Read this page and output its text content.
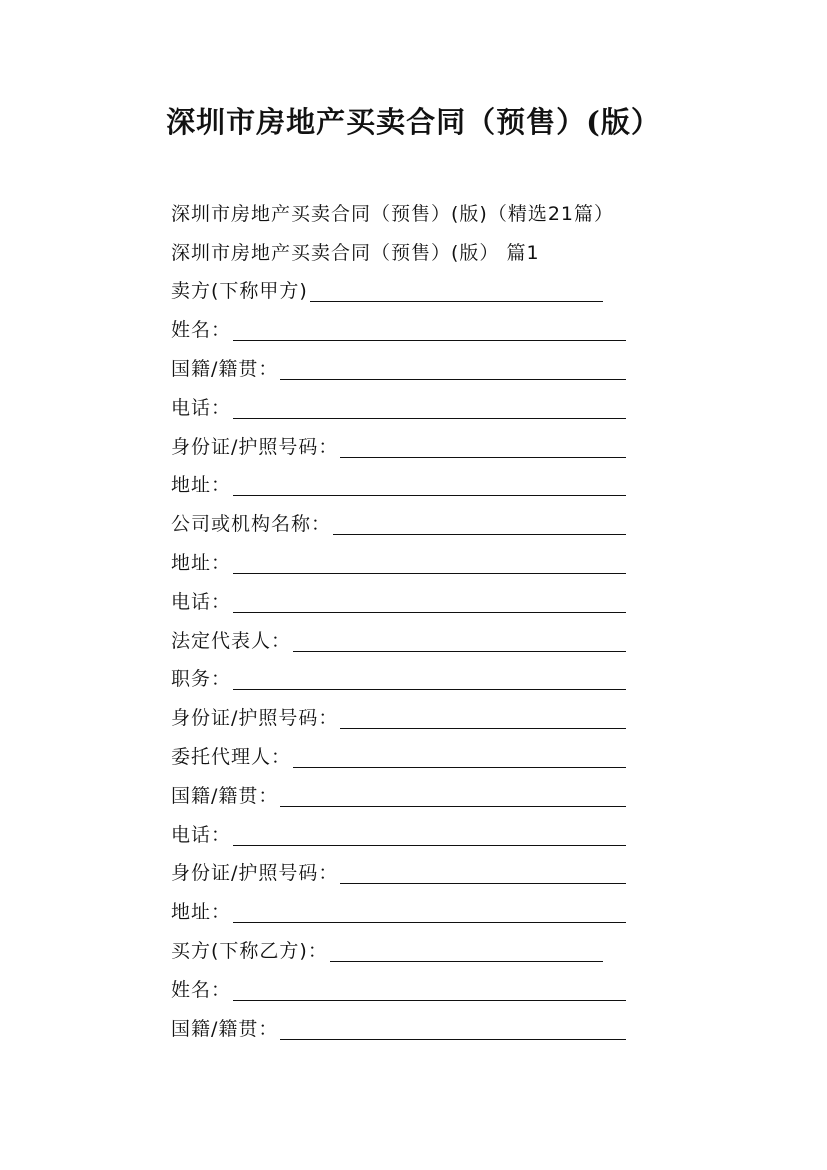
深圳市房地产买卖合同（预售）(版）
深圳市房地产买卖合同（预售）(版)（精选21篇）
深圳市房地产买卖合同（预售）(版） 篇1
卖方(下称甲方)
姓名：
国籍/籍贯：
电话：
身份证/护照号码：
地址：
公司或机构名称：
地址：
电话：
法定代表人：
职务：
身份证/护照号码：
委托代理人：
国籍/籍贯：
电话：
身份证/护照号码：
地址：
买方(下称乙方)：
姓名：
国籍/籍贯：
